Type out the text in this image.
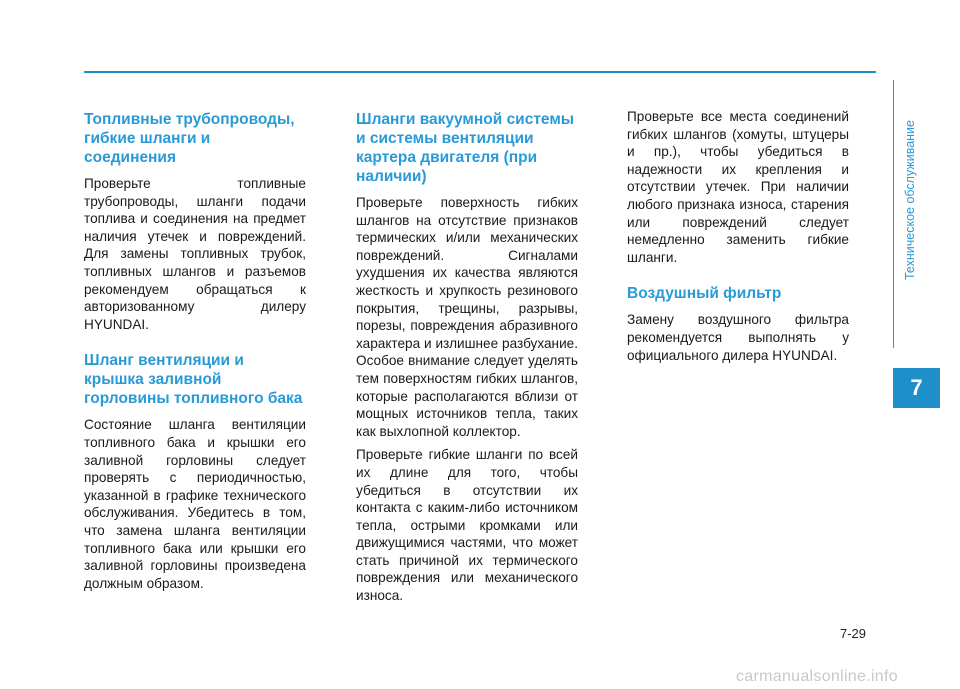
Топливные трубопроводы, гибкие шланги и соединения

Проверьте топливные трубопроводы, шланги подачи топлива и соединения на предмет наличия утечек и повреждений. Для замены топливных трубок, топливных шлангов и разъемов рекомендуем обращаться к авторизованному дилеру HYUNDAI.

Шланг вентиляции и крышка заливной горловины топливного бака

Состояние шланга вентиляции топливного бака и крышки его заливной горловины следует проверять с периодичностью, указанной в графике технического обслуживания. Убедитесь в том, что замена шланга вентиляции топливного бака или крышки его заливной горловины произведена должным образом.

Шланги вакуумной системы и системы вентиляции картера двигателя (при наличии)

Проверьте поверхность гибких шлангов на отсутствие признаков термических и/или механических повреждений. Сигналами ухудшения их качества являются жесткость и хрупкость резинового покрытия, трещины, разрывы, порезы, повреждения абразивного характера и излишнее разбухание. Особое внимание следует уделять тем поверхностям гибких шлангов, которые располагаются вблизи от мощных источников тепла, таких как выхлопной коллектор.

Проверьте гибкие шланги по всей их длине для того, чтобы убедиться в отсутствии их контакта с каким-либо источником тепла, острыми кромками или движущимися частями, что может стать причиной их термического повреждения или механического износа.

Проверьте все места соединений гибких шлангов (хомуты, штуцеры и пр.), чтобы убедиться в надежности их крепления и отсутствии утечек. При наличии любого признака износа, старения или повреждений следует немедленно заменить гибкие шланги.

Воздушный фильтр

Замену воздушного фильтра рекомендуется выполнять у официального дилера HYUNDAI.

Техническое обслуживание
7
7-29
carmanualsonline.info
